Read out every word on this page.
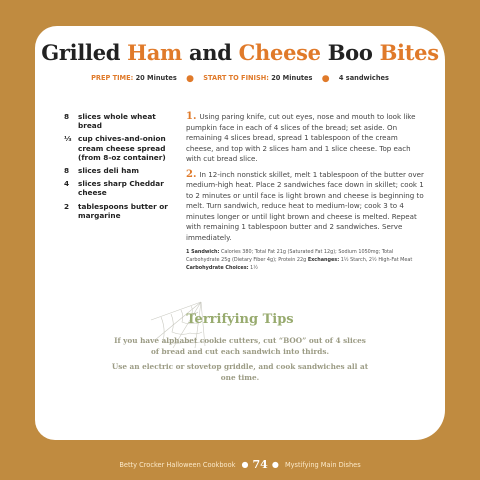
Grilled Ham and Cheese Boo Bites
PREP TIME: 20 Minutes ● START TO FINISH: 20 Minutes ● 4 sandwiches
8	slices whole wheat bread
⅓ cup chives-and-onion cream cheese spread (from 8-oz container)
8	slices deli ham
4	slices sharp Cheddar cheese
2	tablespoons butter or margarine

1. Using paring knife, cut out eyes, nose and mouth to look like pumpkin face in each of 4 slices of the bread; set aside. On remaining 4 slices bread, spread 1 tablespoon of the cream cheese, and top with 2 slices ham and 1 slice cheese. Top each with cut bread slice.

2. In 12-inch nonstick skillet, melt 1 tablespoon of the butter over medium-high heat. Place 2 sandwiches face down in skillet; cook 1 to 2 minutes or until face is light brown and cheese is beginning to melt. Turn sandwich, reduce heat to medium-low; cook 3 to 4 minutes longer or until light brown and cheese is melted. Repeat with remaining 1 tablespoon butter and 2 sandwiches. Serve immediately.

1 Sandwich: Calories 380; Total Fat 21g (Saturated Fat 12g); Sodium 1050mg; Total Carbohydrate 25g (Dietary Fiber 4g); Protein 22g Exchanges: 1½ Starch, 2½ High-Fat Meat Carbohydrate Choices: 1½

Terrifying Tips

If you have alphabet cookie cutters, cut “BOO” out of 4 slices of bread and cut each sandwich into thirds.

Use an electric or stovetop griddle, and cook sandwiches all at one time.

Betty Crocker Halloween Cookbook ● 74 ● Mystifying Main Dishes
